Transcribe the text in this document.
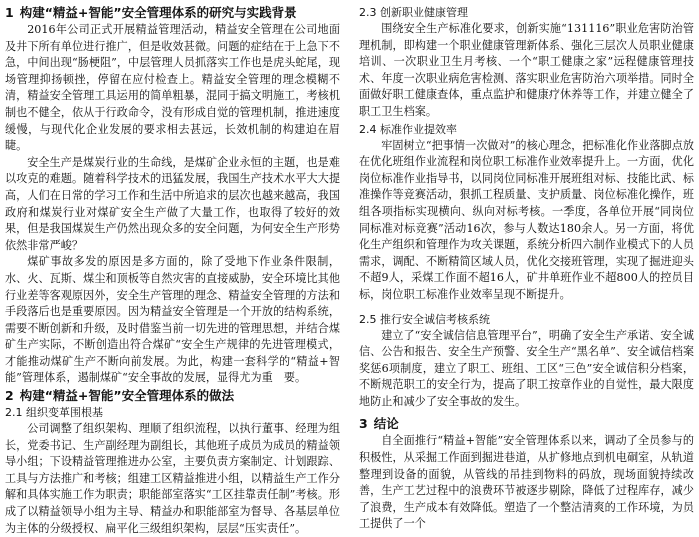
1 构建“精益+智能”安全管理体系的研究与实践背景

2016年公司正式开展精益管理活动，精益安全管理在公司地面及井下所有单位进行推广，但是收效甚微。问题的症结在于上急下不急，中间出现“肠梗阻”，中层管理人员抓落实工作也是虎头蛇尾，现场管理抑扬顿挫，停留在应付检查上。精益安全管理的理念模糊不清，精益安全管理工具运用的简单粗暴，混同于搞文明施工，考核机制也不健全，依从于行政命令，没有形成自觉的管理机制，推进速度缓慢，与现代化企业发展的要求相去甚远，长效机制的构建迫在眉睫。

安全生产是煤炭行业的生命线，是煤矿企业永恒的主题，也是难以攻克的难题。随着科学技术的迅猛发展，我国生产技术水平大大提高，人们在日常的学习工作和生活中所追求的层次也越来越高，我国政府和煤炭行业对煤矿安全生产做了大量工作，也取得了较好的效果，但是我国煤炭生产仍然出现众多的安全问题，为何安全生产形势依然非常严峻？

煤矿事故多发的原因是多方面的，除了受地下作业条件限制，水、火、瓦斯、煤尘和顶板等自然灾害的直接威胁，安全环境比其他行业差等客观原因外，安全生产管理的理念、精益安全管理的方法和手段落后也是重要原因。因为精益安全管理是一个开放的结构系统，需要不断创新和升级，及时借鉴当前一切先进的管理思想，并结合煤矿生产实际，不断创造出符合煤矿“安全生产规律的先进管理模式，才能推动煤矿生产不断向前发展。为此，构建一套科学的“精益+智能”管理体系，遏制煤矿“安全事故的发展，显得尤为重　要。

2 构建“精益+智能”安全管理体系的做法
2.1 组织变革围根基

公司调整了组织架构、理顺了组织流程，以执行董事、经理为组长，党委书记、生产副经理为副组长，其他班子成员为成员的精益领导小组；下设精益管理推进办公室，主要负责方案制定、计划跟踪、工具与方法推广和考核；组建工区精益推进小组，以精益生产工作分解和具体实施工作为职责；职能部室落实“工区挂靠责任制”考核。形成了以精益领导小组为主导、精益办和职能部室为督导、各基层单位为主体的分级授权、扁平化三级组织架构，层层“压实责任”。

2.3 创新职业健康管理

围绕安全生产标准化要求，创新实施“131116”职业危害防治管理机制，即构建一个职业健康管理新体系、强化三层次人员职业健康培训、一次职业卫生月考核、一个“职工健康之家”远程健康管理技术、年度一次职业病危害检测、落实职业危害防治六项举措。同时全面做好职工健康查体，重点监护和健康疗休养等工作，并建立健全了职工卫生档案。

2.4 标准作业提效率

牢固树立“把事情一次做对”的核心理念，把标准化作业落脚点放在优化班组作业流程和岗位职工标准作业效率提升上。一方面，优化岗位标准作业指导书，以同岗位同标准开展班组对标、技能比武、标准操作等竞赛活动，狠抓工程质量、支护质量、岗位标准化操作，班组各项指标实现横向、纵向对标考核。一季度，各单位开展“同岗位同标准对标竞赛”活动16次，参与人数达180余人。另一方面，将优化生产组织和管理作为攻关课题，系统分析四六制作业模式下的人员需求，调配、不断精简区域人员，优化交接班管理，实现了掘进迎头不超9人，采煤工作面不超16人，矿井单班作业不超800人的控员目标，岗位职工标准作业效率呈现不断提升。

2.5 推行安全诚信考核系统

建立了“安全诚信信息管理平台”，明确了安全生产承诺、安全诚信、公告和报告、安全生产预警、安全生产“黑名单”、安全诚信档案奖惩6项制度，建立了职工、班组、工区“三色”安全诚信积分档案，不断规范职工的安全行为，提高了职工按章作业的自觉性，最大限度地防止和减少了安全事故的发生。

3 结论

自全面推行“精益+智能”安全管理体系以来，调动了全员参与的积极性，从采掘工作面到掘进巷道，从扩修地点到机电硐室，从轨道整理到设备的面貌，从管线的吊挂到物料的码放，现场面貌持续改善，生产工艺过程中的浪费环节被逐步剔除，降低了过程库存，减少了浪费，生产成本有效降低。塑造了一个整洁清爽的工作环境，为员工提供了一个
